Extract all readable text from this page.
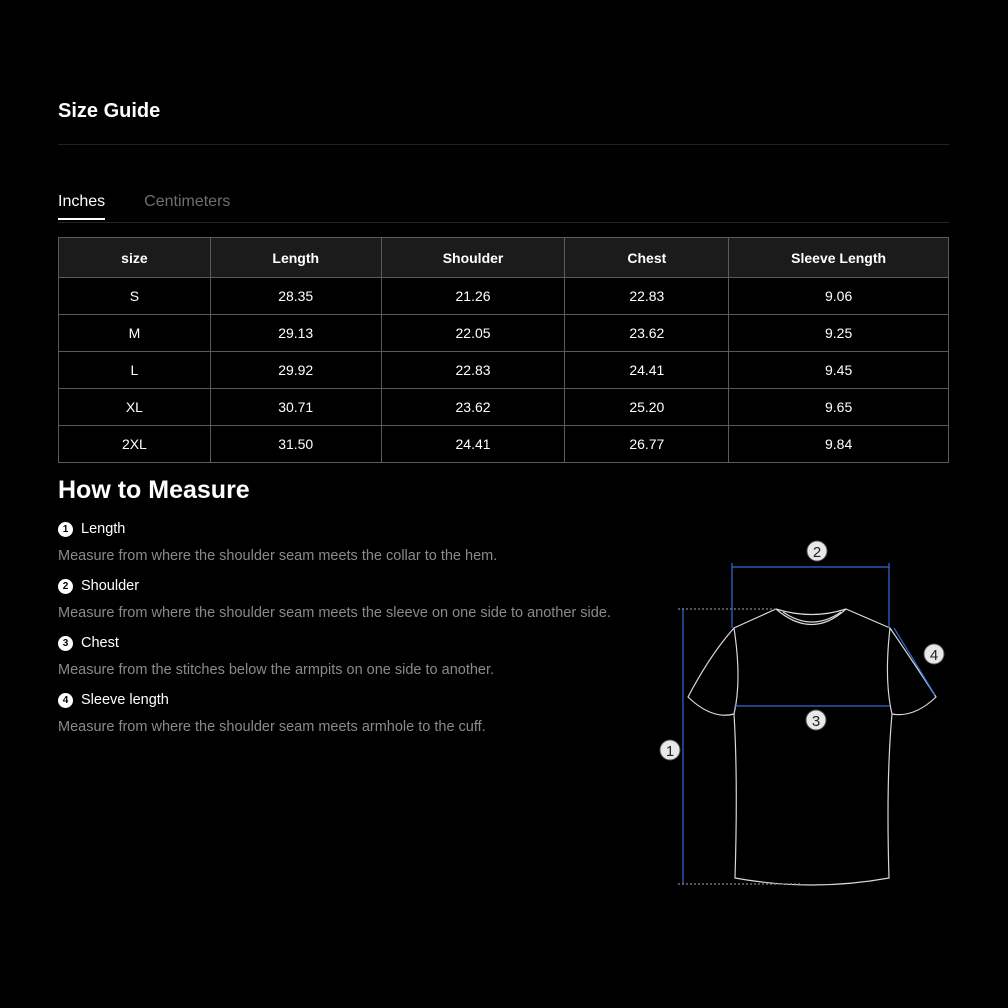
Size Guide
Inches Centimeters
size	Length	Shoulder	Chest	Sleeve Length
S	28.35	21.26	22.83	9.06
M	29.13	22.05	23.62	9.25
L	29.92	22.83	24.41	9.45
XL	30.71	23.62	25.20	9.65
2XL	31.50	24.41	26.77	9.84
How to Measure
1 Length
Measure from where the shoulder seam meets the collar to the hem.
2 Shoulder
Measure from where the shoulder seam meets the sleeve on one side to another side.
3 Chest
Measure from the stitches below the armpits on one side to another.
4 Sleeve length
Measure from where the shoulder seam meets armhole to the cuff.
1
2
3
4
